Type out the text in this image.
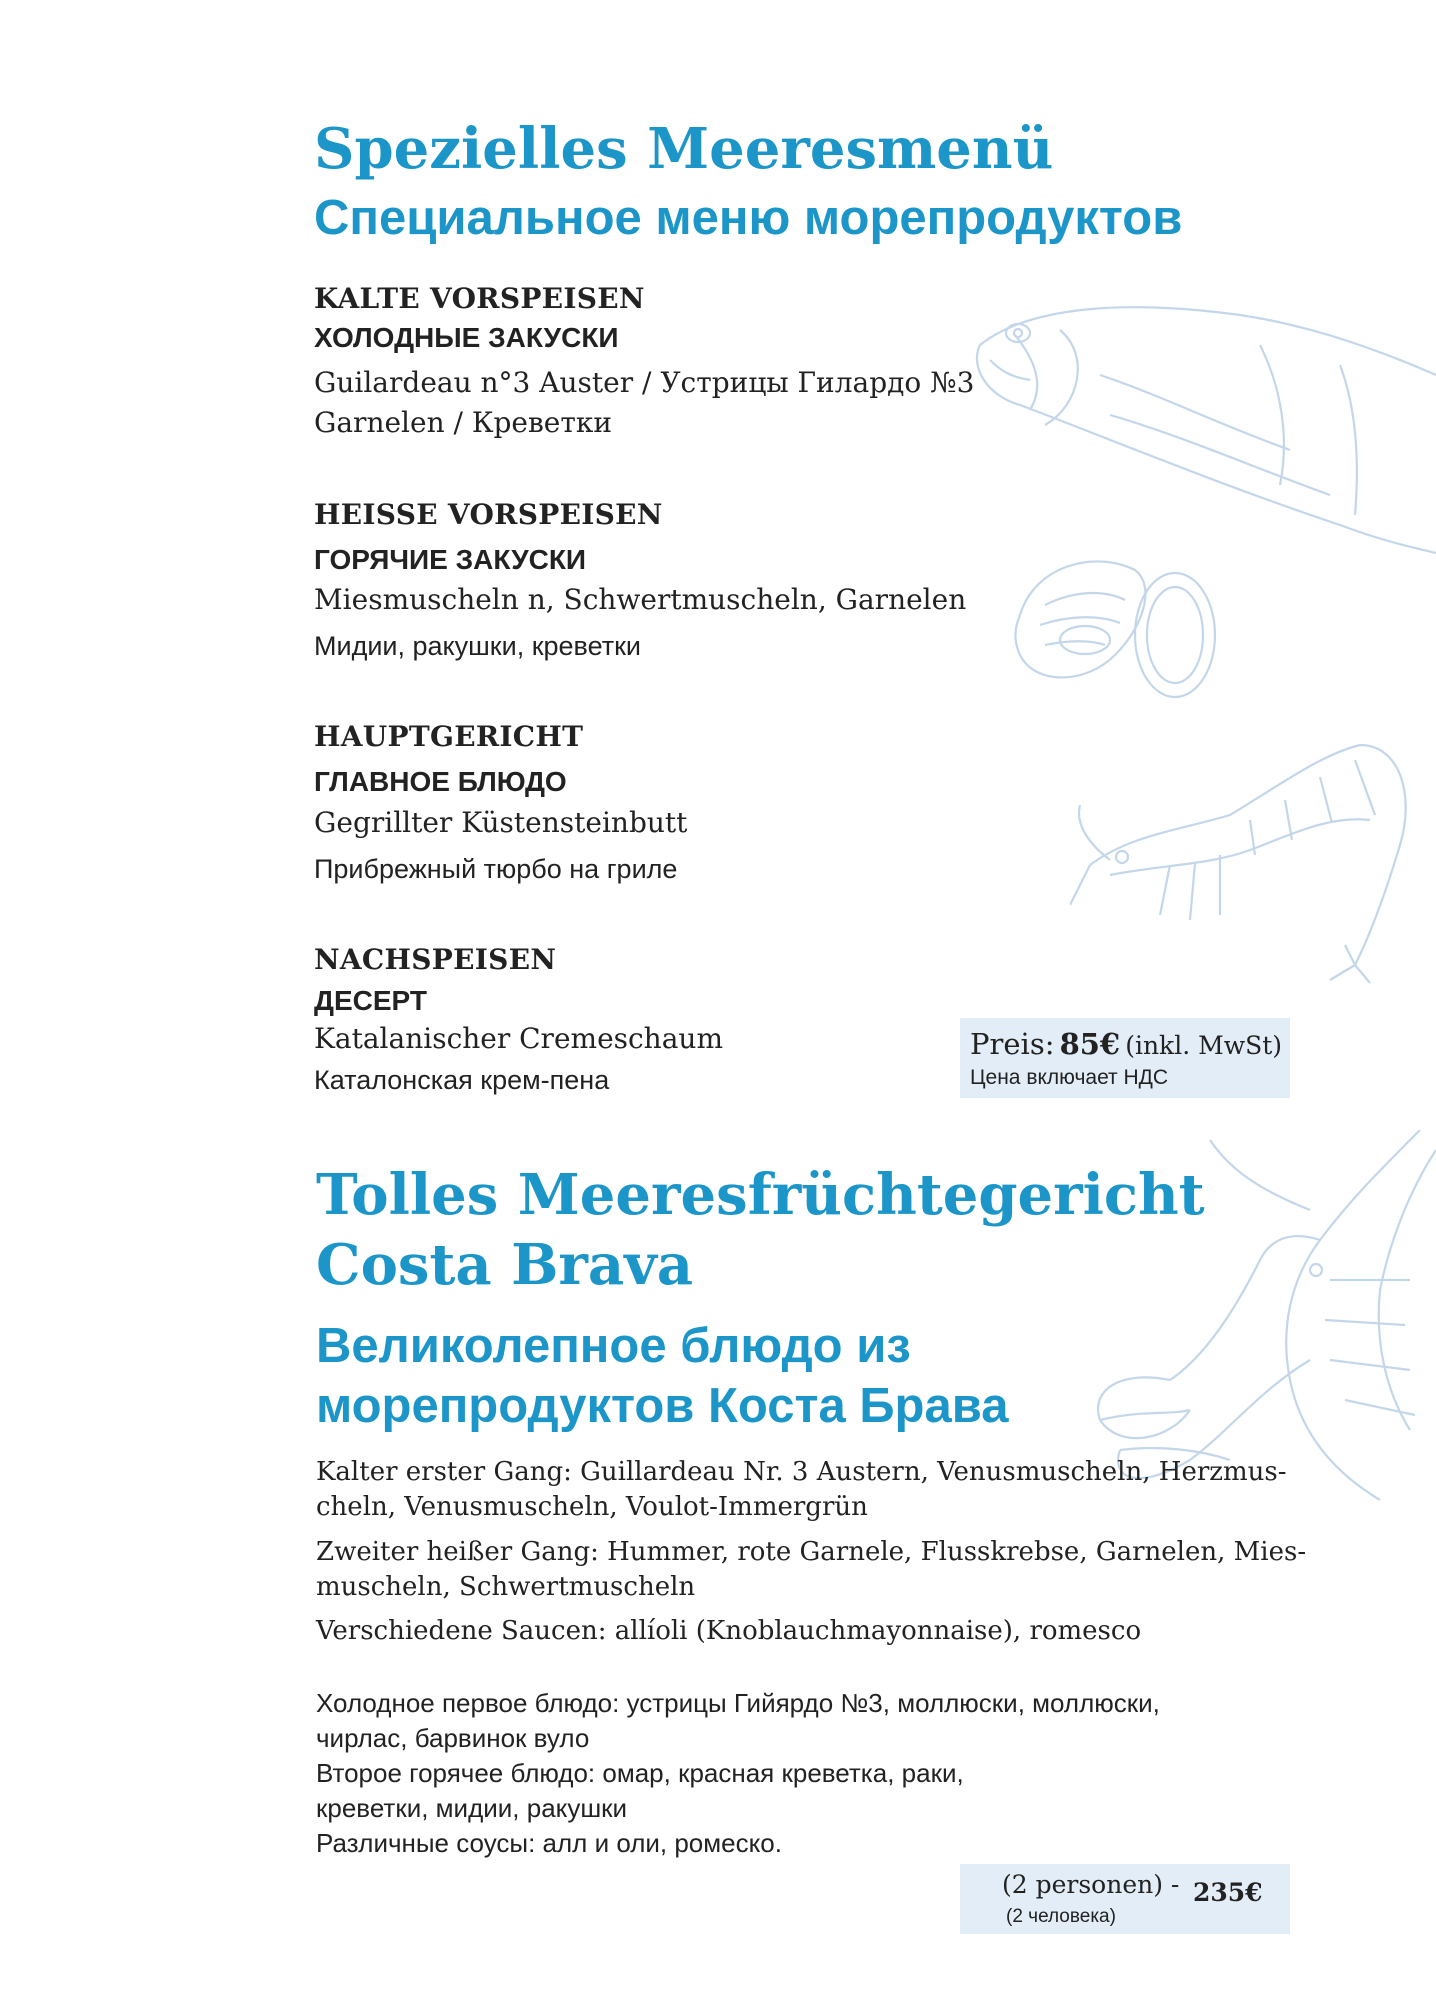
Spezielles Meeresmenü
Специальное меню морепродуктов
KALTE VORSPEISEN
ХОЛОДНЫЕ ЗАКУСКИ
Guilardeau n°3 Auster / Устрицы Гилардо №3
Garnelen / Креветки
HEISSE VORSPEISEN
ГОРЯЧИЕ ЗАКУСКИ
Miesmuscheln n, Schwertmuscheln, Garnelen
Мидии, ракушки, креветки
HAUPTGERICHT
ГЛАВНОЕ БЛЮДО
Gegrillter Küstensteinbutt
Прибрежный тюрбо на гриле
NACHSPEISEN
ДЕСЕРТ
Katalanischer Cremeschaum
Каталонская крем-пена
Preis: 85€ (inkl. MwSt)
Цена включает НДС
Tolles Meeresfrüchtegericht
Costa Brava
Великолепное блюдо из
морепродуктов Коста Брава
Kalter erster Gang: Guillardeau Nr. 3 Austern, Venusmuscheln, Herzmus-
cheln, Venusmuscheln, Voulot-Immergrün
Zweiter heißer Gang: Hummer, rote Garnele, Flusskrebse, Garnelen, Mies-
muscheln, Schwertmuscheln
Verschiedene Saucen: allíoli (Knoblauchmayonnaise), romesco
Холодное первое блюдо: устрицы Гийярдо №3, моллюски, моллюски,
чирлас, барвинок вуло
Второе горячее блюдо: омар, красная креветка, раки,
креветки, мидии, ракушки
Различные соусы: алл и оли, ромеско.
(2 personen) - 235€
(2 человека)
